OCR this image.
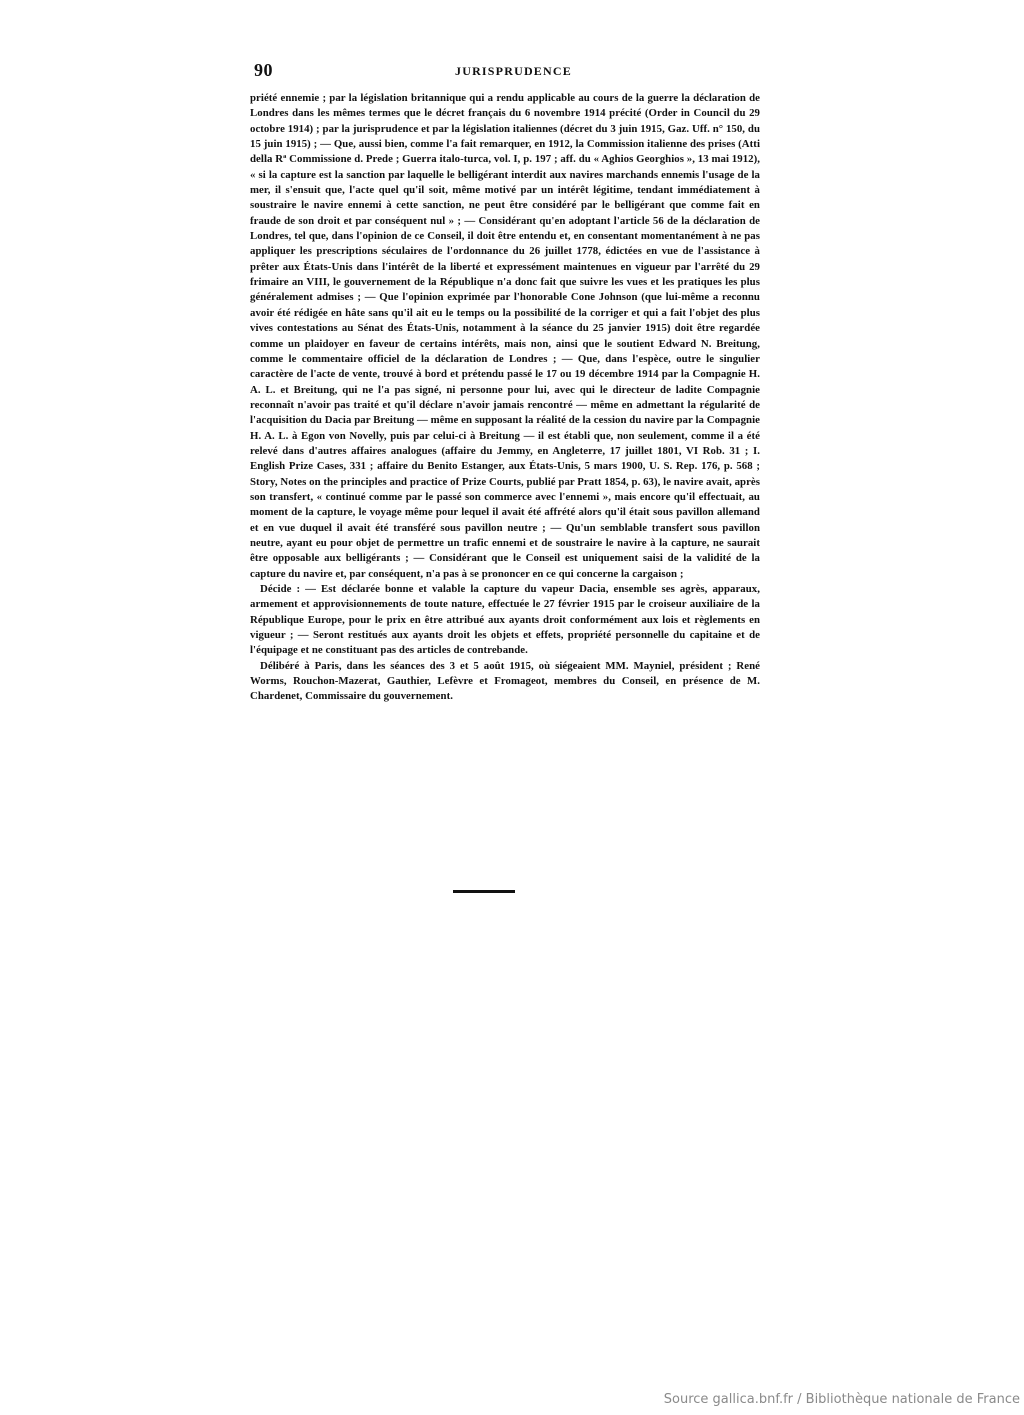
90	JURISPRUDENCE

priété ennemie ; par la législation britannique qui a rendu applicable au cours de la guerre la déclaration de Londres dans les mêmes termes que le décret français du 6 novembre 1914 précité (Order in Council du 29 octobre 1914) ; par la jurisprudence et par la législation italiennes (décret du 3 juin 1915, Gaz. Uff. n° 150, du 15 juin 1915) ; — Que, aussi bien, comme l'a fait remarquer, en 1912, la Commission italienne des prises (Atti della Rª Commissione d. Prede ; Guerra italo-turca, vol. I, p. 197 ; aff. du « Aghios Georghios », 13 mai 1912), « si la capture est la sanction par laquelle le belligérant interdit aux navires marchands ennemis l'usage de la mer, il s'ensuit que, l'acte quel qu'il soit, même motivé par un intérêt légitime, tendant immédiatement à soustraire le navire ennemi à cette sanction, ne peut être considéré par le belligérant que comme fait en fraude de son droit et par conséquent nul » ; — Considérant qu'en adoptant l'article 56 de la déclaration de Londres, tel que, dans l'opinion de ce Conseil, il doit être entendu et, en consentant momentanément à ne pas appliquer les prescriptions séculaires de l'ordonnance du 26 juillet 1778, édictées en vue de l'assistance à prêter aux États-Unis dans l'intérêt de la liberté et expressément maintenues en vigueur par l'arrêté du 29 frimaire an VIII, le gouvernement de la République n'a donc fait que suivre les vues et les pratiques les plus généralement admises ; — Que l'opinion exprimée par l'honorable Cone Johnson (que lui-même a reconnu avoir été rédigée en hâte sans qu'il ait eu le temps ou la possibilité de la corriger et qui a fait l'objet des plus vives contestations au Sénat des États-Unis, notamment à la séance du 25 janvier 1915) doit être regardée comme un plaidoyer en faveur de certains intérêts, mais non, ainsi que le soutient Edward N. Breitung, comme le commentaire officiel de la déclaration de Londres ; — Que, dans l'espèce, outre le singulier caractère de l'acte de vente, trouvé à bord et prétendu passé le 17 ou 19 décembre 1914 par la Compagnie H. A. L. et Breitung, qui ne l'a pas signé, ni personne pour lui, avec qui le directeur de ladite Compagnie reconnaît n'avoir pas traité et qu'il déclare n'avoir jamais rencontré — même en admettant la régularité de l'acquisition du Dacia par Breitung — même en supposant la réalité de la cession du navire par la Compagnie H. A. L. à Egon von Novelly, puis par celui-ci à Breitung — il est établi que, non seulement, comme il a été relevé dans d'autres affaires analogues (affaire du Jemmy, en Angleterre, 17 juillet 1801, VI Rob. 31 ; I. English Prize Cases, 331 ; affaire du Benito Estanger, aux États-Unis, 5 mars 1900, U. S. Rep. 176, p. 568 ; Story, Notes on the principles and practice of Prize Courts, publié par Pratt 1854, p. 63), le navire avait, après son transfert, « continué comme par le passé son commerce avec l'ennemi », mais encore qu'il effectuait, au moment de la capture, le voyage même pour lequel il avait été affrété alors qu'il était sous pavillon allemand et en vue duquel il avait été transféré sous pavillon neutre ; — Qu'un semblable transfert sous pavillon neutre, ayant eu pour objet de permettre un trafic ennemi et de soustraire le navire à la capture, ne saurait être opposable aux belligérants ; — Considérant que le Conseil est uniquement saisi de la validité de la capture du navire et, par conséquent, n'a pas à se prononcer en ce qui concerne la cargaison ;

Décide : — Est déclarée bonne et valable la capture du vapeur Dacia, ensemble ses agrès, apparaux, armement et approvisionnements de toute nature, effectuée le 27 février 1915 par le croiseur auxiliaire de la République Europe, pour le prix en être attribué aux ayants droit conformément aux lois et règlements en vigueur ; — Seront restitués aux ayants droit les objets et effets, propriété personnelle du capitaine et de l'équipage et ne constituant pas des articles de contrebande.

Délibéré à Paris, dans les séances des 3 et 5 août 1915, où siégeaient MM. Mayniel, président ; René Worms, Rouchon-Mazerat, Gauthier, Lefèvre et Fromageot, membres du Conseil, en présence de M. Chardenet, Commissaire du gouvernement.

Source gallica.bnf.fr / Bibliothèque nationale de France
